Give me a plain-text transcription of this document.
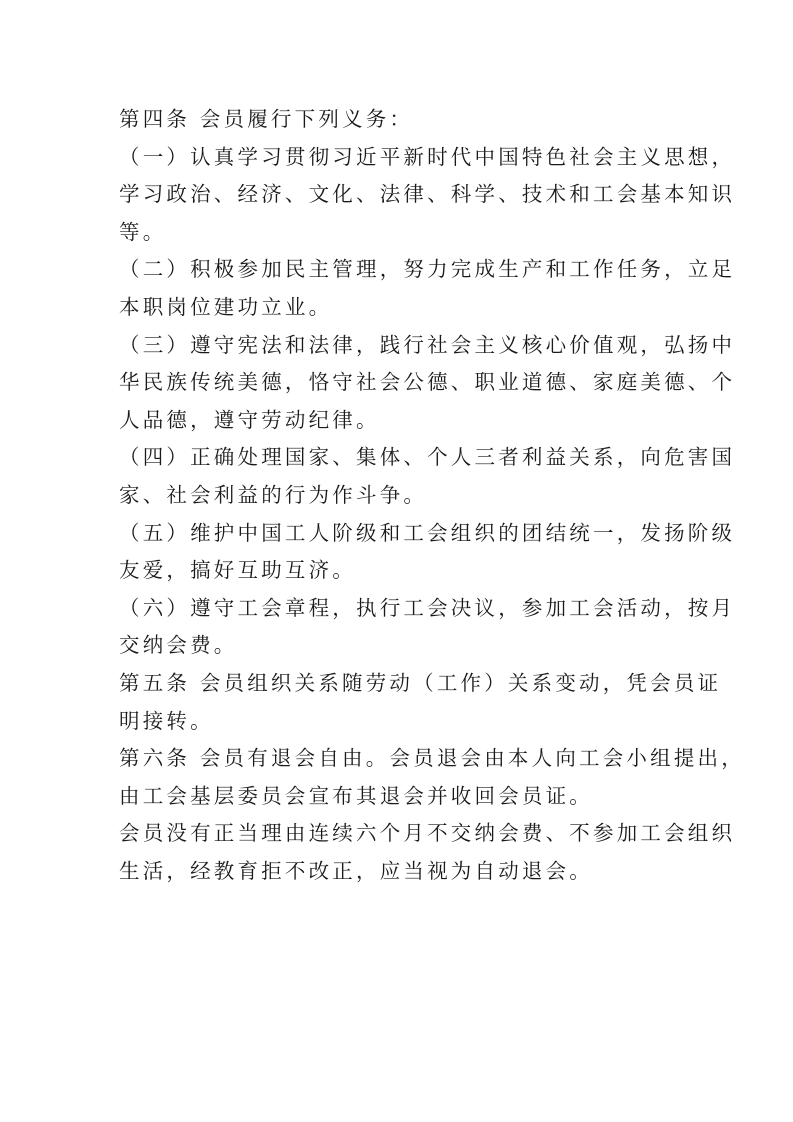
第四条 会员履行下列义务：
（一）认真学习贯彻习近平新时代中国特色社会主义思想，
学习政治、经济、文化、法律、科学、技术和工会基本知识
等。
（二）积极参加民主管理，努力完成生产和工作任务，立足
本职岗位建功立业。
（三）遵守宪法和法律，践行社会主义核心价值观，弘扬中
华民族传统美德，恪守社会公德、职业道德、家庭美德、个
人品德，遵守劳动纪律。
（四）正确处理国家、集体、个人三者利益关系，向危害国
家、社会利益的行为作斗争。
（五）维护中国工人阶级和工会组织的团结统一，发扬阶级
友爱，搞好互助互济。
（六）遵守工会章程，执行工会决议，参加工会活动，按月
交纳会费。
第五条 会员组织关系随劳动（工作）关系变动，凭会员证
明接转。
第六条 会员有退会自由。会员退会由本人向工会小组提出，
由工会基层委员会宣布其退会并收回会员证。
会员没有正当理由连续六个月不交纳会费、不参加工会组织
生活，经教育拒不改正，应当视为自动退会。
